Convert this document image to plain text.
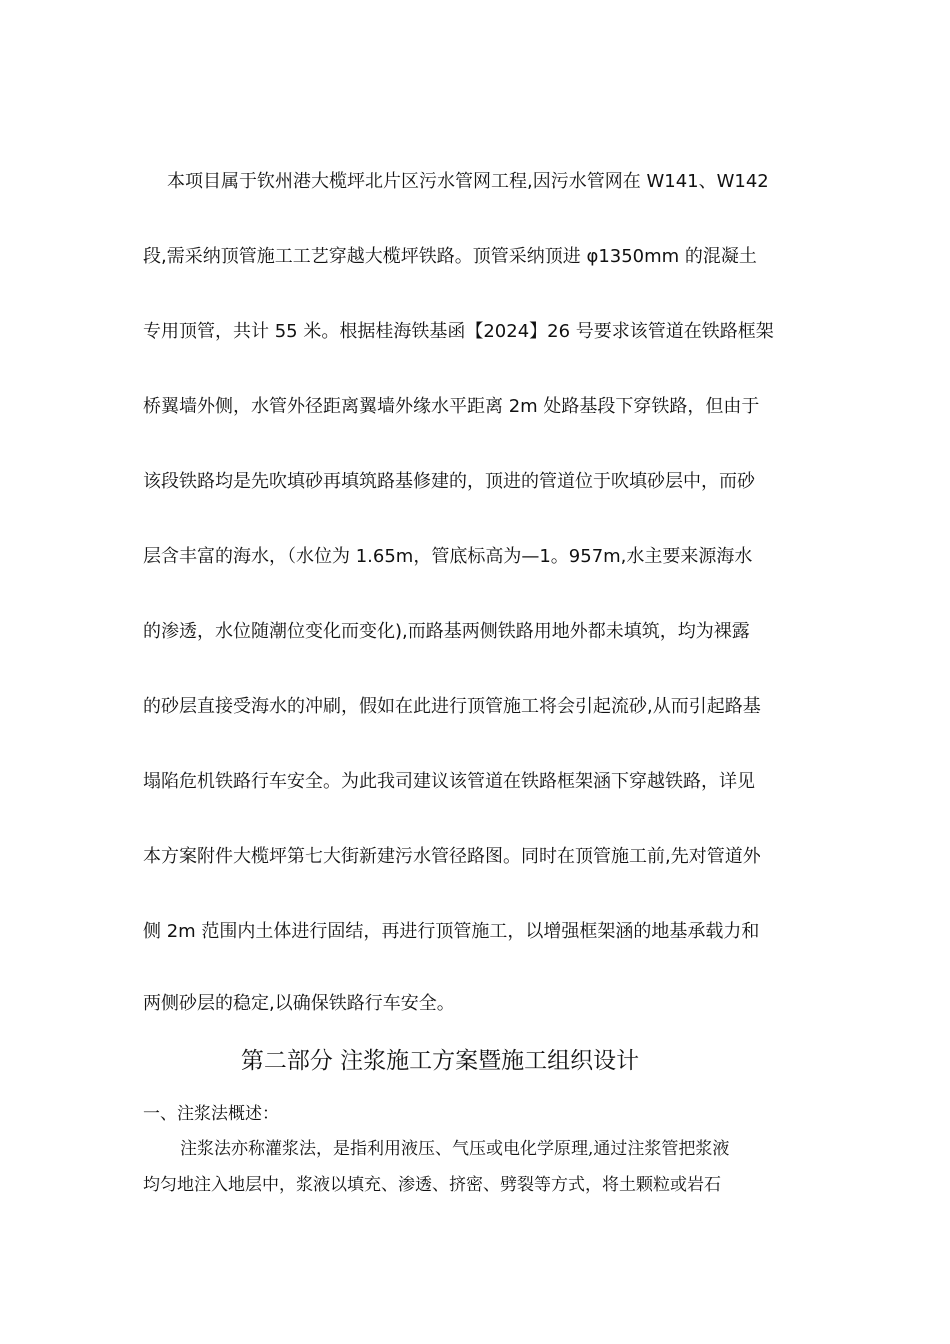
本项目属于钦州港大榄坪北片区污水管网工程,因污水管网在 W141、W142
段,需采纳顶管施工工艺穿越大榄坪铁路。顶管采纳顶进 φ1350mm 的混凝土
专用顶管，共计 55 米。根据桂海铁基函【2024】26 号要求该管道在铁路框架
桥翼墙外侧，水管外径距离翼墙外缘水平距离 2m 处路基段下穿铁路，但由于
该段铁路均是先吹填砂再填筑路基修建的，顶进的管道位于吹填砂层中，而砂
层含丰富的海水，（水位为 1.65m，管底标高为—1。957m,水主要来源海水
的渗透，水位随潮位变化而变化),而路基两侧铁路用地外都未填筑，均为裸露
的砂层直接受海水的冲刷，假如在此进行顶管施工将会引起流砂,从而引起路基
塌陷危机铁路行车安全。为此我司建议该管道在铁路框架涵下穿越铁路，详见
本方案附件大榄坪第七大街新建污水管径路图。同时在顶管施工前,先对管道外
侧 2m 范围内土体进行固结，再进行顶管施工，以增强框架涵的地基承载力和
两侧砂层的稳定,以确保铁路行车安全。
第二部分 注浆施工方案暨施工组织设计
一、注浆法概述：
注浆法亦称灌浆法，是指利用液压、气压或电化学原理,通过注浆管把浆液
均匀地注入地层中，浆液以填充、渗透、挤密、劈裂等方式，将土颗粒或岩石
